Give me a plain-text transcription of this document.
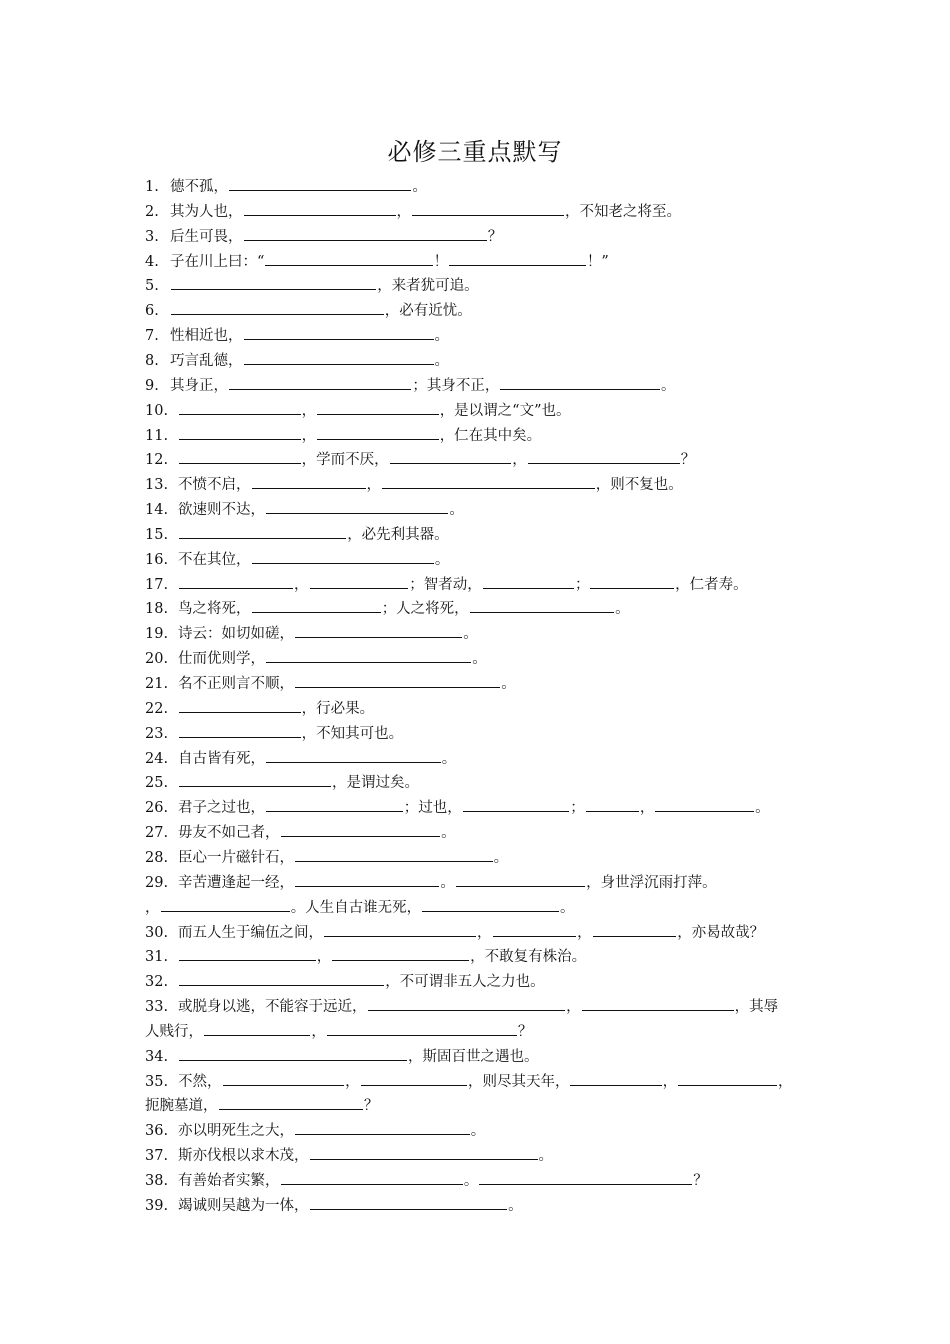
必修三重点默写
1. 德不孤，	。
2. 其为人也，	，	，不知老之将至。
3. 后生可畏，	？
4. 子在川上曰：“	！	！”
5.	，来者犹可追。
6.	，必有近忧。
7. 性相近也，	。
8. 巧言乱德，	。
9. 其身正，	；其身不正，	。
10.	，	，是以谓之“文”也。
11.	，	，仁在其中矣。
12.	，学而不厌，	，	？
13. 不愤不启，	，	，则不复也。
14. 欲速则不达，	。
15.	，必先利其器。
16. 不在其位，	。
17.	，	；智者动，	；	，仁者寿。
18. 鸟之将死，	；人之将死，	。
19. 诗云：如切如磋，	。
20. 仕而优则学，	。
21. 名不正则言不顺，	。
22.	，行必果。
23.	，不知其可也。
24. 自古皆有死，	。
25.	，是谓过矣。
26. 君子之过也，	；过也，	；	，	。
27. 毋友不如己者，	。
28. 臣心一片磁针石，	。
29. 辛苦遭逢起一经，	。	，身世浮沉雨打萍。
，	。人生自古谁无死，	。
30. 而五人生于编伍之间，	，	，	，亦曷故哉？
31.	，	，不敢复有株治。
32.	，不可谓非五人之力也。
33. 或脱身以逃，不能容于远近，	，	，其辱
人贱行，	，	？
34.	，斯固百世之遇也。
35. 不然，	，	，则尽其天年，	，	，
扼腕墓道，	？
36. 亦以明死生之大，	。
37. 斯亦伐根以求木茂，	。
38. 有善始者实繁，	。	？
39. 竭诚则吴越为一体，	。
